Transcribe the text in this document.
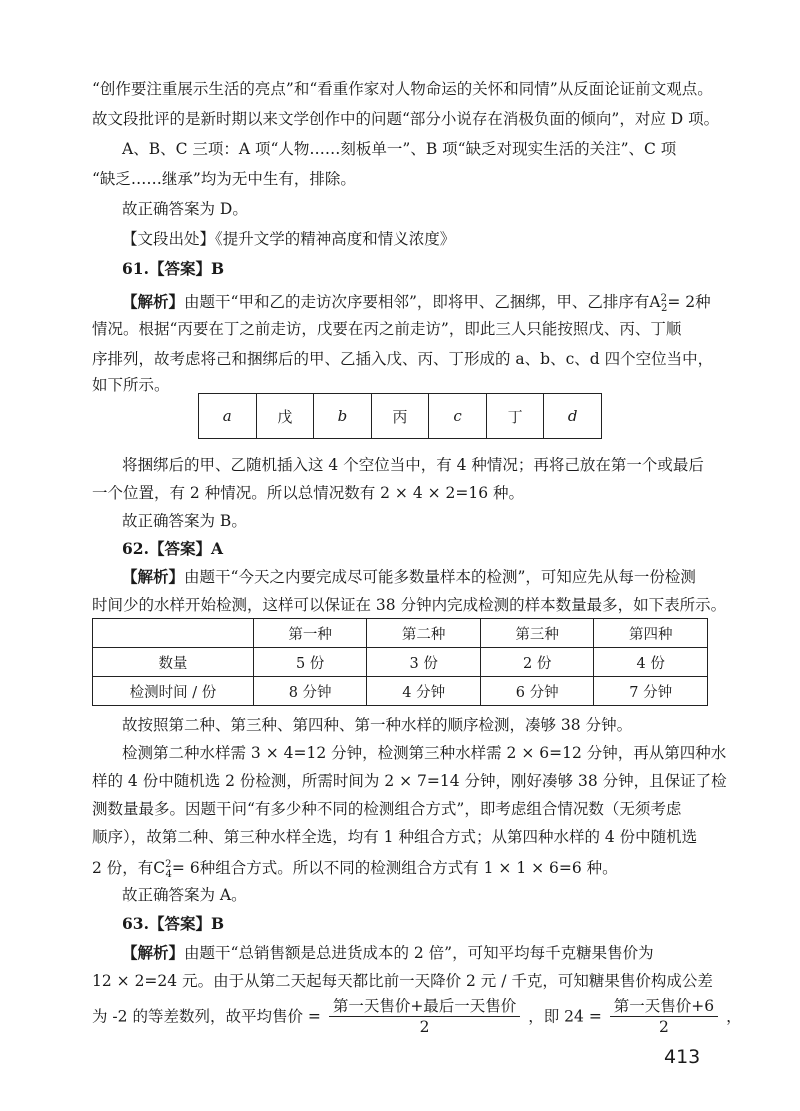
“创作要注重展示生活的亮点”和“看重作家对人物命运的关怀和同情”从反面论证前文观点。
故文段批评的是新时期以来文学创作中的问题“部分小说存在消极负面的倾向”，对应 D 项。
A、B、C 三项：A 项“人物……刻板单一”、B 项“缺乏对现实生活的关注”、C 项
“缺乏……继承”均为无中生有，排除。
故正确答案为 D。
【文段出处】《提升文学的精神高度和情义浓度》
61.【答案】B
【解析】由题干“甲和乙的走访次序要相邻”，即将甲、乙捆绑，甲、乙排序有$A^2_2= 2$种
情况。根据“丙要在丁之前走访，戊要在丙之前走访”，即此三人只能按照戊、丙、丁顺
序排列，故考虑将己和捆绑后的甲、乙插入戊、丙、丁形成的 a、b、c、d 四个空位当中，
如下所示。
a	戊	b	丙	c	丁	d
将捆绑后的甲、乙随机插入这 4 个空位当中，有 4 种情况；再将己放在第一个或最后
一个位置，有 2 种情况。所以总情况数有 2 × 4 × 2=16 种。
故正确答案为 B。
62.【答案】A
【解析】由题干“今天之内要完成尽可能多数量样本的检测”，可知应先从每一份检测
时间少的水样开始检测，这样可以保证在 38 分钟内完成检测的样本数量最多，如下表所示。
	第一种	第二种	第三种	第四种
数量	5 份	3 份	2 份	4 份
检测时间 / 份	8 分钟	4 分钟	6 分钟	7 分钟
故按照第二种、第三种、第四种、第一种水样的顺序检测，凑够 38 分钟。
检测第二种水样需 3 × 4=12 分钟，检测第三种水样需 2 × 6=12 分钟，再从第四种水
样的 4 份中随机选 2 份检测，所需时间为 2 × 7=14 分钟，刚好凑够 38 分钟，且保证了检
测数量最多。因题干问“有多少种不同的检测组合方式”，即考虑组合情况数（无须考虑
顺序），故第二种、第三种水样全选，均有 1 种组合方式；从第四种水样的 4 份中随机选
2 份，有$C^2_4= 6$种组合方式。所以不同的检测组合方式有 1 × 1 × 6=6 种。
故正确答案为 A。
63.【答案】B
【解析】由题干“总销售额是总进货成本的 2 倍”，可知平均每千克糖果售价为
12 × 2=24 元。由于从第二天起每天都比前一天降价 2 元 / 千克，可知糖果售价构成公差
为 -2 的等差数列，故平均售价 = $\frac{\text{第一天售价+最后一天售价}}{2}$ ，即 $24 = \frac{\text{第一天售价+6}}{2}$ ，
413
